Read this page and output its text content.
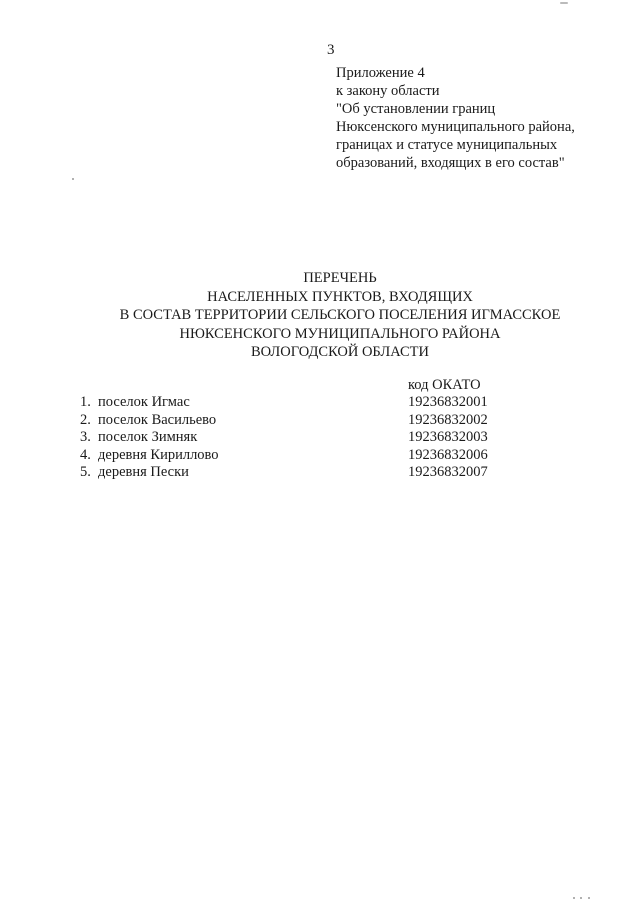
3
Приложение 4
к закону области
"Об установлении границ
Нюксенского муниципального района,
границах и статусе муниципальных
образований, входящих в его состав"
ПЕРЕЧЕНЬ
НАСЕЛЕННЫХ ПУНКТОВ, ВХОДЯЩИХ
В СОСТАВ ТЕРРИТОРИИ СЕЛЬСКОГО ПОСЕЛЕНИЯ ИГМАССКОЕ
НЮКСЕНСКОГО МУНИЦИПАЛЬНОГО РАЙОНА
ВОЛОГОДСКОЙ ОБЛАСТИ
код ОКАТО
1. поселок Игмас	19236832001
2. поселок Васильево	19236832002
3. поселок Зимняк	19236832003
4. деревня Кириллово	19236832006
5. деревня Пески	19236832007
